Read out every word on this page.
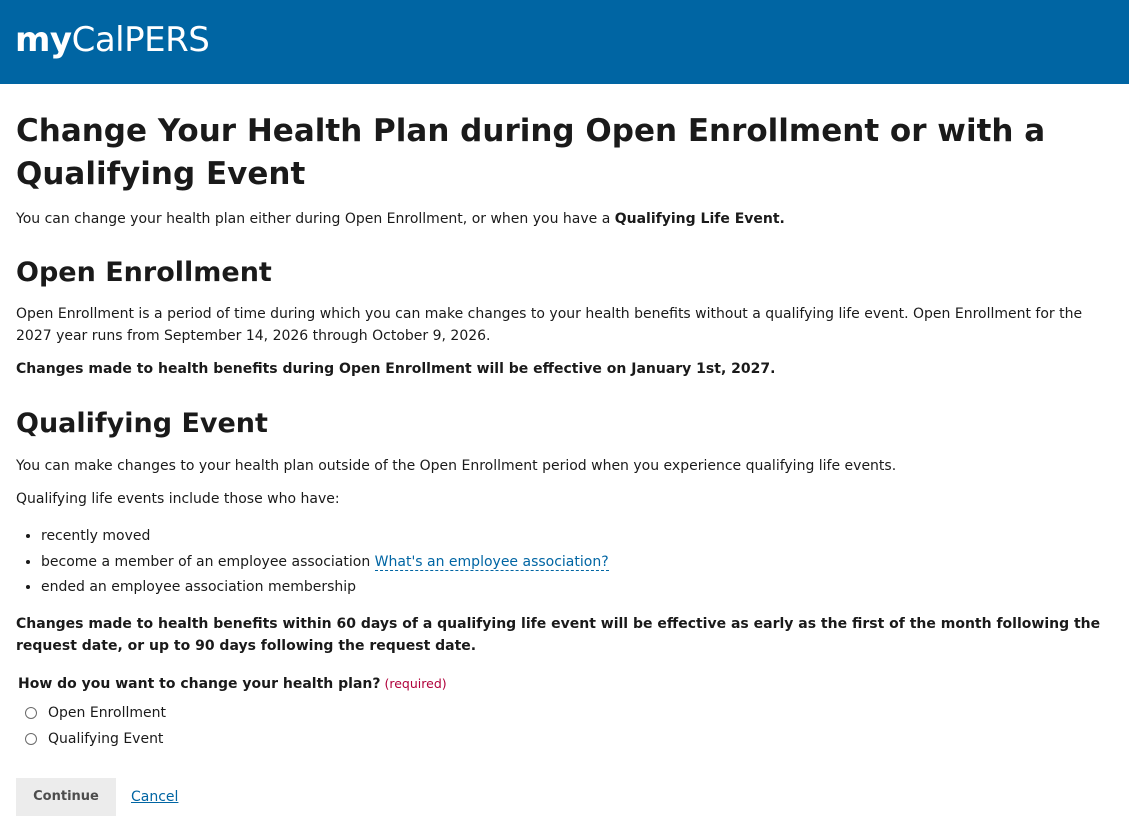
myCalPERS
Change Your Health Plan during Open Enrollment or with a Qualifying Event

You can change your health plan either during Open Enrollment, or when you have a Qualifying Life Event.

Open Enrollment

Open Enrollment is a period of time during which you can make changes to your health benefits without a qualifying life event. Open Enrollment for the 2027 year runs from September 14, 2026 through October 9, 2026.

Changes made to health benefits during Open Enrollment will be effective on January 1st, 2027.

Qualifying Event

You can make changes to your health plan outside of the Open Enrollment period when you experience qualifying life events.

Qualifying life events include those who have:

• recently moved
• become a member of an employee association What's an employee association?
• ended an employee association membership

Changes made to health benefits within 60 days of a qualifying life event will be effective as early as the first of the month following the request date, or up to 90 days following the request date.

How do you want to change your health plan? (required)
Open Enrollment
Qualifying Event
Continue	Cancel
